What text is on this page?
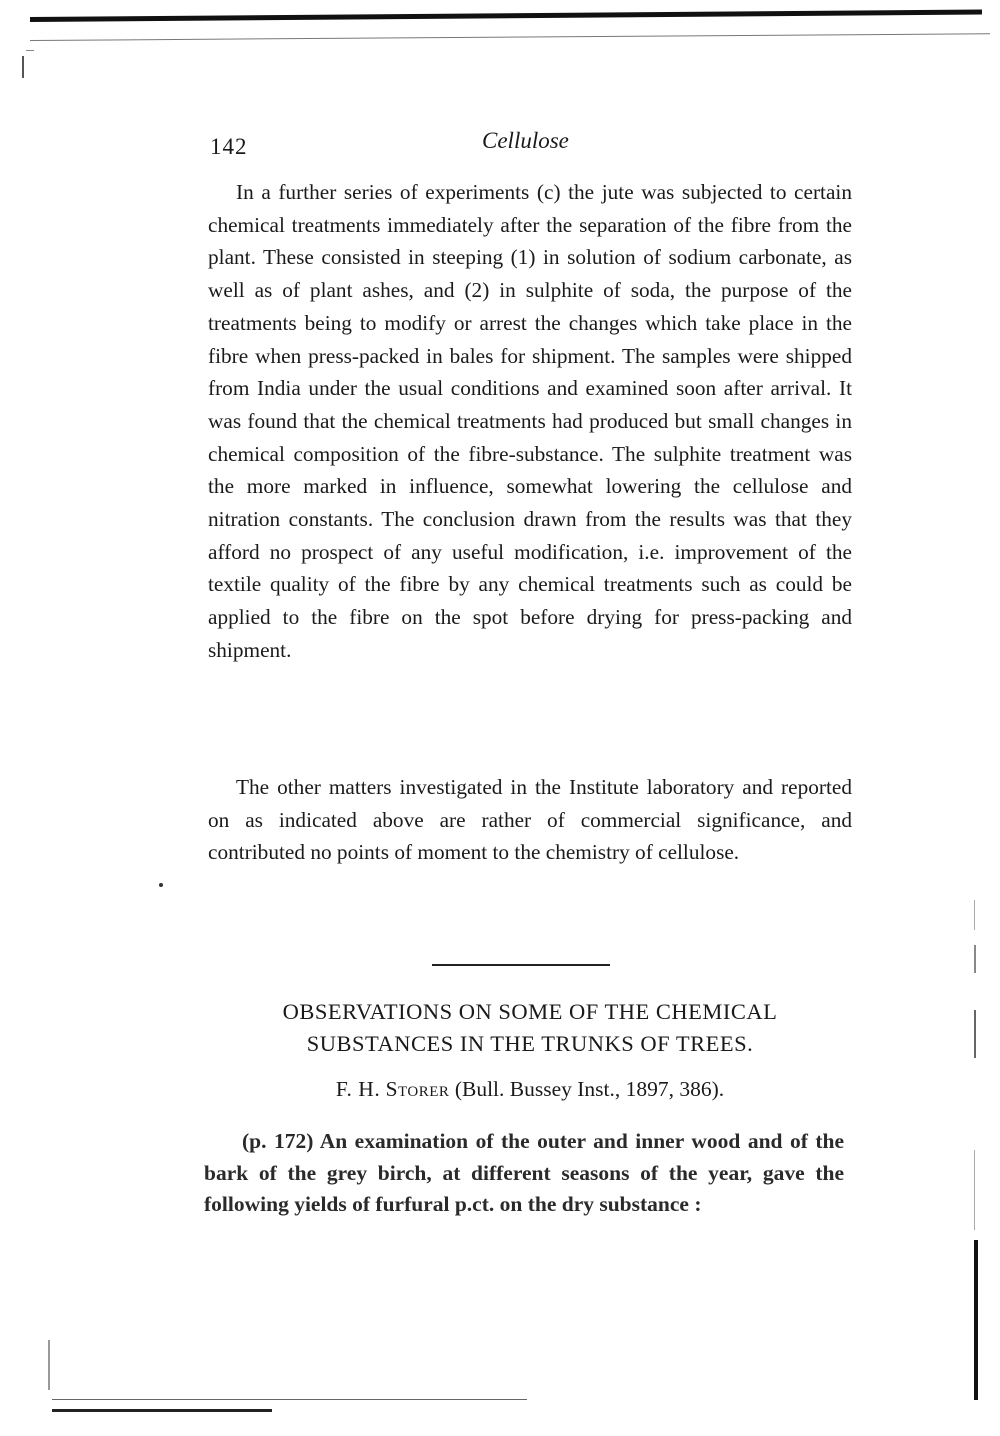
142	Cellulose

In a further series of experiments (c) the jute was subjected to certain chemical treatments immediately after the separation of the fibre from the plant. These consisted in steeping (1) in solution of sodium carbonate, as well as of plant ashes, and (2) in sulphite of soda, the purpose of the treatments being to modify or arrest the changes which take place in the fibre when press-packed in bales for shipment. The samples were shipped from India under the usual conditions and examined soon after arrival. It was found that the chemical treatments had produced but small changes in chemical composition of the fibre-substance. The sulphite treatment was the more marked in influence, somewhat lowering the cellulose and nitration constants. The conclusion drawn from the results was that they afford no prospect of any useful modification, i.e. improvement of the textile quality of the fibre by any chemical treatments such as could be applied to the fibre on the spot before drying for press-packing and shipment.

The other matters investigated in the Institute laboratory and reported on as indicated above are rather of commercial significance, and contributed no points of moment to the chemistry of cellulose.

OBSERVATIONS ON SOME OF THE CHEMICAL
SUBSTANCES IN THE TRUNKS OF TREES.

F. H. Storer (Bull. Bussey Inst., 1897, 386).

(p. 172) An examination of the outer and inner wood and of the bark of the grey birch, at different seasons of the year, gave the following yields of furfural p.ct. on the dry substance :
